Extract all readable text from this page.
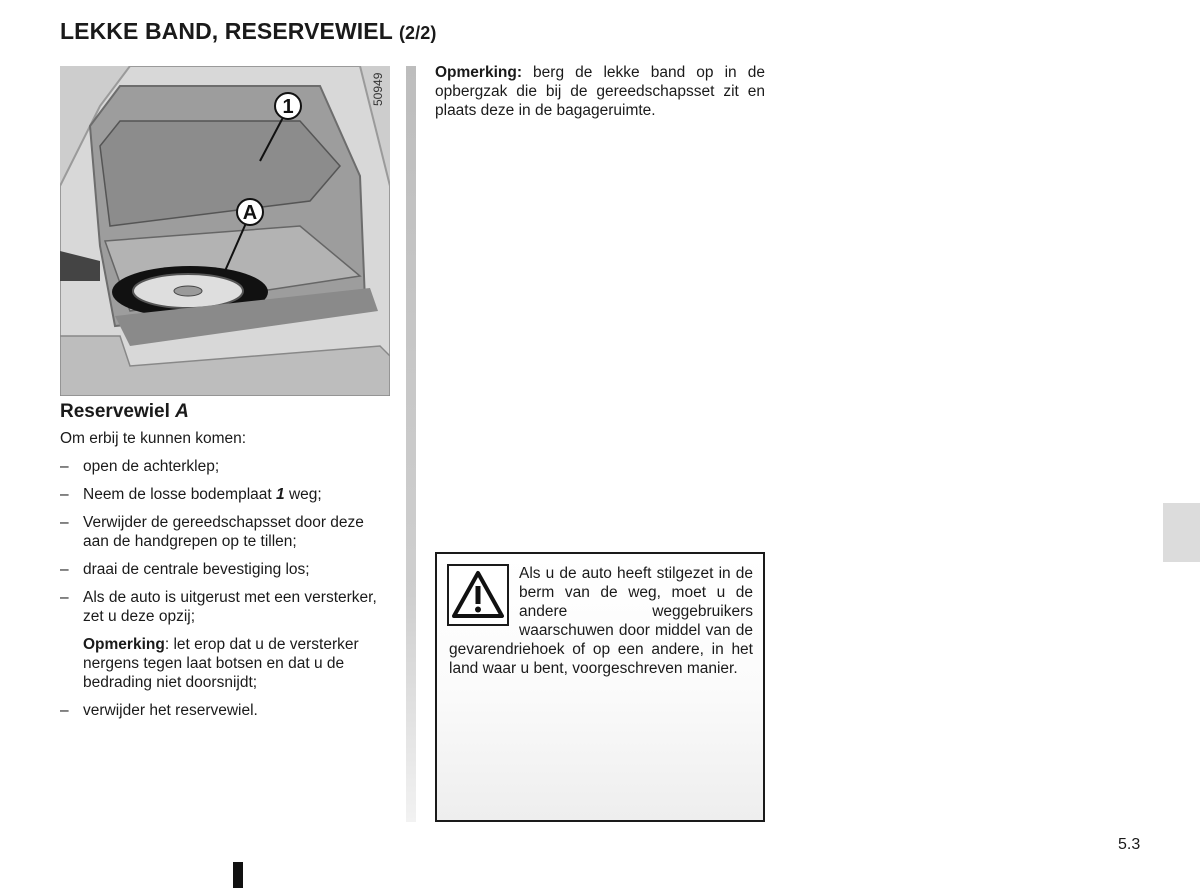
LEKKE BAND, RESERVEWIEL (2/2)
1
A
50949
Reservewiel A
Om erbij te kunnen komen:
– open de achterklep;
– Neem de losse bodemplaat 1 weg;
– Verwijder de gereedschapsset door deze aan de handgrepen op te tillen;
– draai de centrale bevestiging los;
– Als de auto is uitgerust met een versterker, zet u deze opzij;
Opmerking: let erop dat u de versterker nergens tegen laat botsen en dat u de bedrading niet doorsnijdt;
– verwijder het reservewiel.
Opmerking: berg de lekke band op in de opbergzak die bij de gereedschapsset zit en plaats deze in de bagageruimte.
Als u de auto heeft stilgezet in de berm van de weg, moet u de andere weggebruikers waarschuwen door middel van de gevarendriehoek of op een andere, in het land waar u bent, voorgeschreven manier.
5.3
